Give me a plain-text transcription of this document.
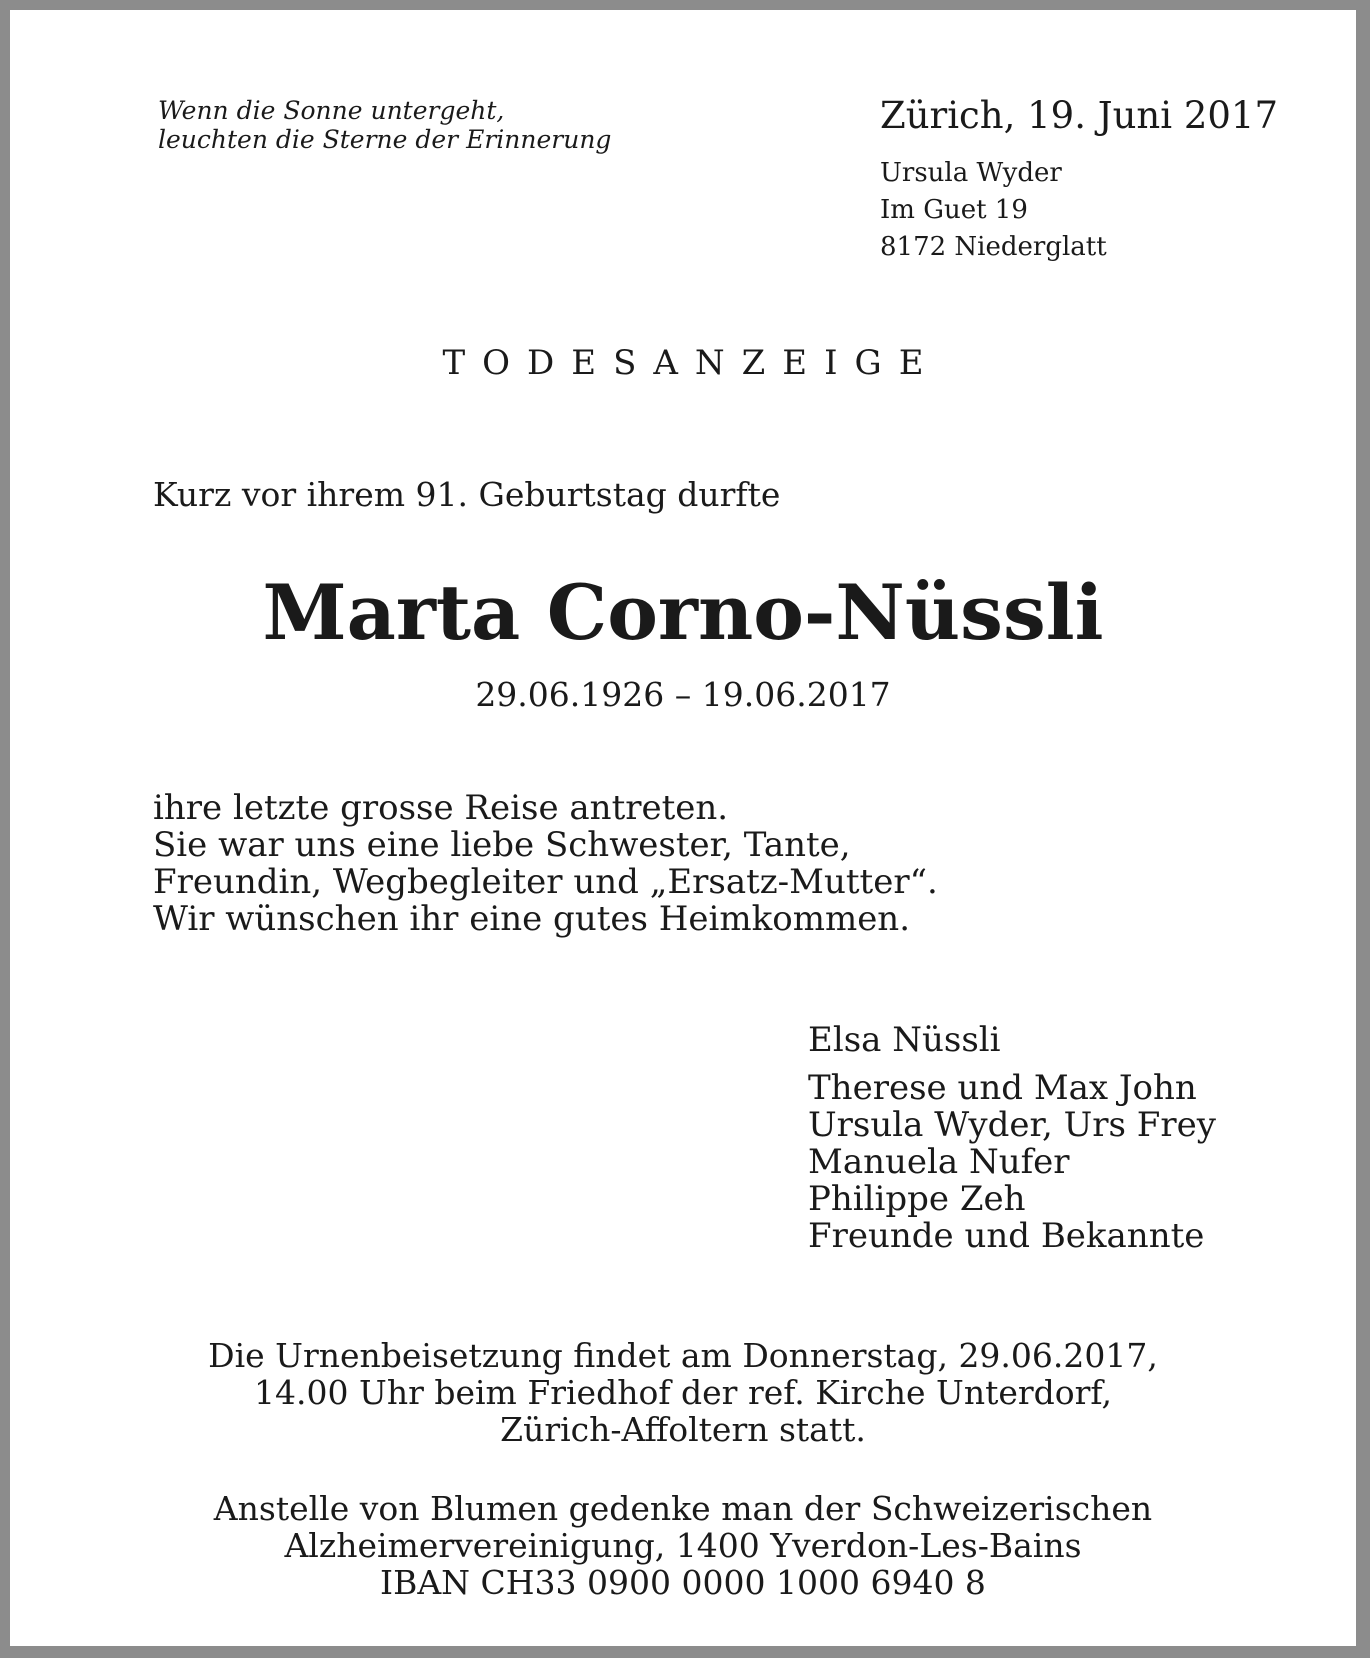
Wenn die Sonne untergeht,
leuchten die Sterne der Erinnerung
Zürich, 19. Juni 2017
Ursula Wyder
Im Guet 19
8172 Niederglatt
TODESANZEIGE
Kurz vor ihrem 91. Geburtstag durfte
Marta Corno-Nüssli
29.06.1926 – 19.06.2017
ihre letzte grosse Reise antreten.
Sie war uns eine liebe Schwester, Tante,
Freundin, Wegbegleiter und „Ersatz-Mutter“.
Wir wünschen ihr eine gutes Heimkommen.
Elsa Nüssli
Therese und Max John
Ursula Wyder, Urs Frey
Manuela Nufer
Philippe Zeh
Freunde und Bekannte
Die Urnenbeisetzung findet am Donnerstag, 29.06.2017,
14.00 Uhr beim Friedhof der ref. Kirche Unterdorf,
Zürich-Affoltern statt.
Anstelle von Blumen gedenke man der Schweizerischen
Alzheimervereinigung, 1400 Yverdon-Les-Bains
IBAN CH33 0900 0000 1000 6940 8
